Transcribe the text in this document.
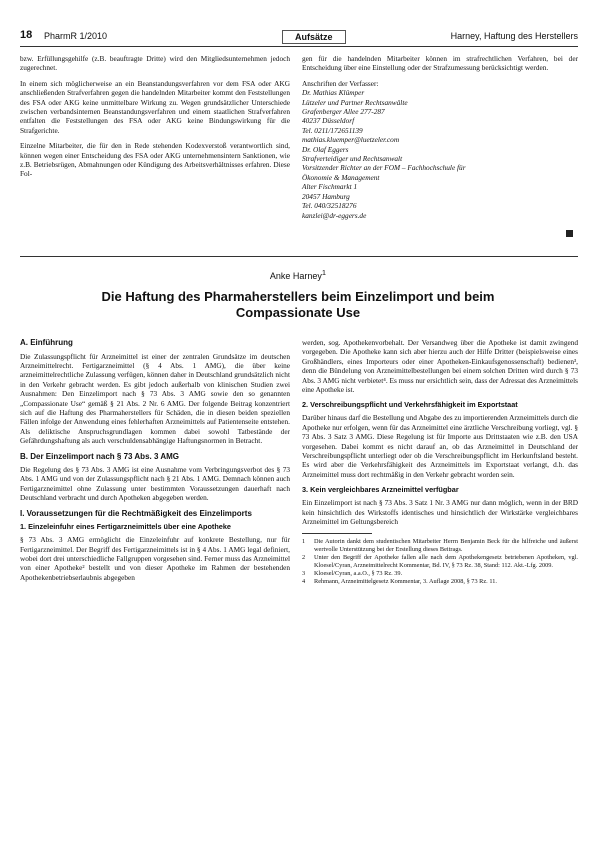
18 PharmR 1/2010	Aufsätze	Harney, Haftung des Herstellers

bzw. Erfüllungsgehilfe (z.B. beauftragte Dritte) wird den Mitgliedsunternehmen jedoch zugerechnet.

In einem sich möglicherweise an ein Beanstandungsverfahren vor dem FSA oder AKG anschließenden Strafverfahren gegen die handelnden Mitarbeiter kommt den Feststellungen des FSA oder AKG keine unmittelbare Wirkung zu. Wegen grundsätzlicher Unterschiede zwischen verbandsinternen Beanstandungsverfahren und einem staatlichen Strafverfahren entfalten die Feststellungen des FSA oder AKG keine Bindungswirkung für die Strafgerichte.

Einzelne Mitarbeiter, die für den in Rede stehenden Kodexverstoß verantwortlich sind, können wegen einer Entscheidung des FSA oder AKG unternehmensintern Sanktionen, wie z.B. Betriebsrügen, Abmahnungen oder Kündigung des Arbeitsverhältnisses erfahren. Diese Fol-

gen für die handelnden Mitarbeiter können im strafrechtlichen Verfahren, bei der Entscheidung über eine Einstellung oder der Strafzumessung berücksichtigt werden.

Anschriften der Verfasser:
Dr. Mathias Klümper
Lützeler und Partner Rechtsanwälte
Grafenberger Allee 277-287
40237 Düsseldorf
Tel. 0211/172651139
mathias.kluemper@luetzeler.com
Dr. Olaf Eggers
Strafverteidiger und Rechtsanwalt
Vorsitzender Richter an der FOM – Fachhochschule für
Ökonomie & Management
Alter Fischmarkt 1
20457 Hamburg
Tel. 040/32518276
kanzlei@dr-eggers.de
Anke Harney$^1$
Die Haftung des Pharmaherstellers beim Einzelimport und beim Compassionate Use
A. Einführung

Die Zulassungspflicht für Arzneimittel ist einer der zentralen Grundsätze im deutschen Arzneimittelrecht. Fertigarzneimittel (§ 4 Abs. 1 AMG), die über keine arzneimittelrechtliche Zulassung verfügen, können daher in Deutschland grundsätzlich nicht in den Verkehr gebracht werden. Es gibt jedoch außerhalb von klinischen Studien zwei Ausnahmen: Den Einzelimport nach § 73 Abs. 3 AMG sowie den so genannten „Compassionate Use“ gemäß § 21 Abs. 2 Nr. 6 AMG. Der folgende Beitrag konzentriert sich auf die Haftung des Pharmaherstellers für Schäden, die in diesen beiden speziellen Fällen infolge der Anwendung eines fehlerhaften Arzneimittels auf Patientenseite entstehen. Als deliktische Anspruchsgrundlagen kommen dabei sowohl Tatbestände der Gefährdungshaftung als auch verschuldensabhängige Haftungsnormen in Betracht.

B. Der Einzelimport nach § 73 Abs. 3 AMG

Die Regelung des § 73 Abs. 3 AMG ist eine Ausnahme vom Verbringungsverbot des § 73 Abs. 1 AMG und von der Zulassungspflicht nach § 21 Abs. 1 AMG. Demnach können auch Fertigarzneimittel ohne Zulassung unter bestimmten Voraussetzungen dauerhaft nach Deutschland verbracht und durch Apotheken abgegeben werden.

I. Voraussetzungen für die Rechtmäßigkeit des Einzelimports
1. Einzeleinfuhr eines Fertigarzneimittels über eine Apotheke

§ 73 Abs. 3 AMG ermöglicht die Einzeleinfuhr auf konkrete Bestellung, nur für Fertigarzneimittel. Der Begriff des Fertigarzneimittels ist in § 4 Abs. 1 AMG legal definiert, wobei dort drei unterschiedliche Fallgruppen vorgesehen sind. Ferner muss das Arzneimittel von einer Apotheke² bestellt und von dieser Apotheke im Rahmen der bestehenden Apothekenbetriebserlaubnis abgegeben

werden, sog. Apothekenvorbehalt. Der Versandweg über die Apotheke ist damit zwingend vorgegeben. Die Apotheke kann sich aber hierzu auch der Hilfe Dritter (beispielsweise eines Großhändlers, eines Importeurs oder einer Apotheken-Einkaufsgenossenschaft) bedienen³, denn die Bündelung von Arzneimittelbestellungen bei einem solchen Dritten wird durch § 73 Abs. 3 AMG nicht verbietet⁴. Es muss nur ersichtlich sein, dass der Adressat des Arzneimittels eine Apotheke ist.

2. Verschreibungspflicht und Verkehrsfähigkeit im Exportstaat

Darüber hinaus darf die Bestellung und Abgabe des zu importierenden Arzneimittels durch die Apotheke nur erfolgen, wenn für das Arzneimittel eine ärztliche Verschreibung vorliegt, vgl. § 73 Abs. 3 Satz 3 AMG. Diese Regelung ist für Importe aus Drittstaaten wie z.B. den USA vorgesehen. Dabei kommt es nicht darauf an, ob das Arzneimittel in Deutschland der Verschreibungspflicht unterliegt oder ob die Verschreibungspflicht im Herkunftsland besteht. Es wird aber die Verkehrsfähigkeit des Arzneimittels im Exportstaat verlangt, d.h. das Arzneimittel muss dort rechtmäßig in den Verkehr gebracht worden sein.

3. Kein vergleichbares Arzneimittel verfügbar

Ein Einzelimport ist nach § 73 Abs. 3 Satz 1 Nr. 3 AMG nur dann möglich, wenn in der BRD kein hinsichtlich des Wirkstoffs identisches und hinsichtlich der Wirkstärke vergleichbares Arzneimittel im Geltungsbereich

1	Die Autorin dankt dem studentischen Mitarbeiter Herrn Benjamin Beck für die hilfreiche und äußerst wertvolle Unterstützung bei der Erstellung dieses Beitrags.
2	Unter den Begriff der Apotheke fallen alle nach dem Apothekengesetz betriebenen Apotheken, vgl. Kloesel/Cyran, Arzneimittelrecht Kommentar, Bd. IV, § 73 Rz. 38, Stand: 112. Akt.-Lfg. 2009.
3	Kloesel/Cyran, a.a.O., § 73 Rz. 39.
4	Rehmann, Arzneimittelgesetz Kommentar, 3. Auflage 2008, § 73 Rz. 11.
